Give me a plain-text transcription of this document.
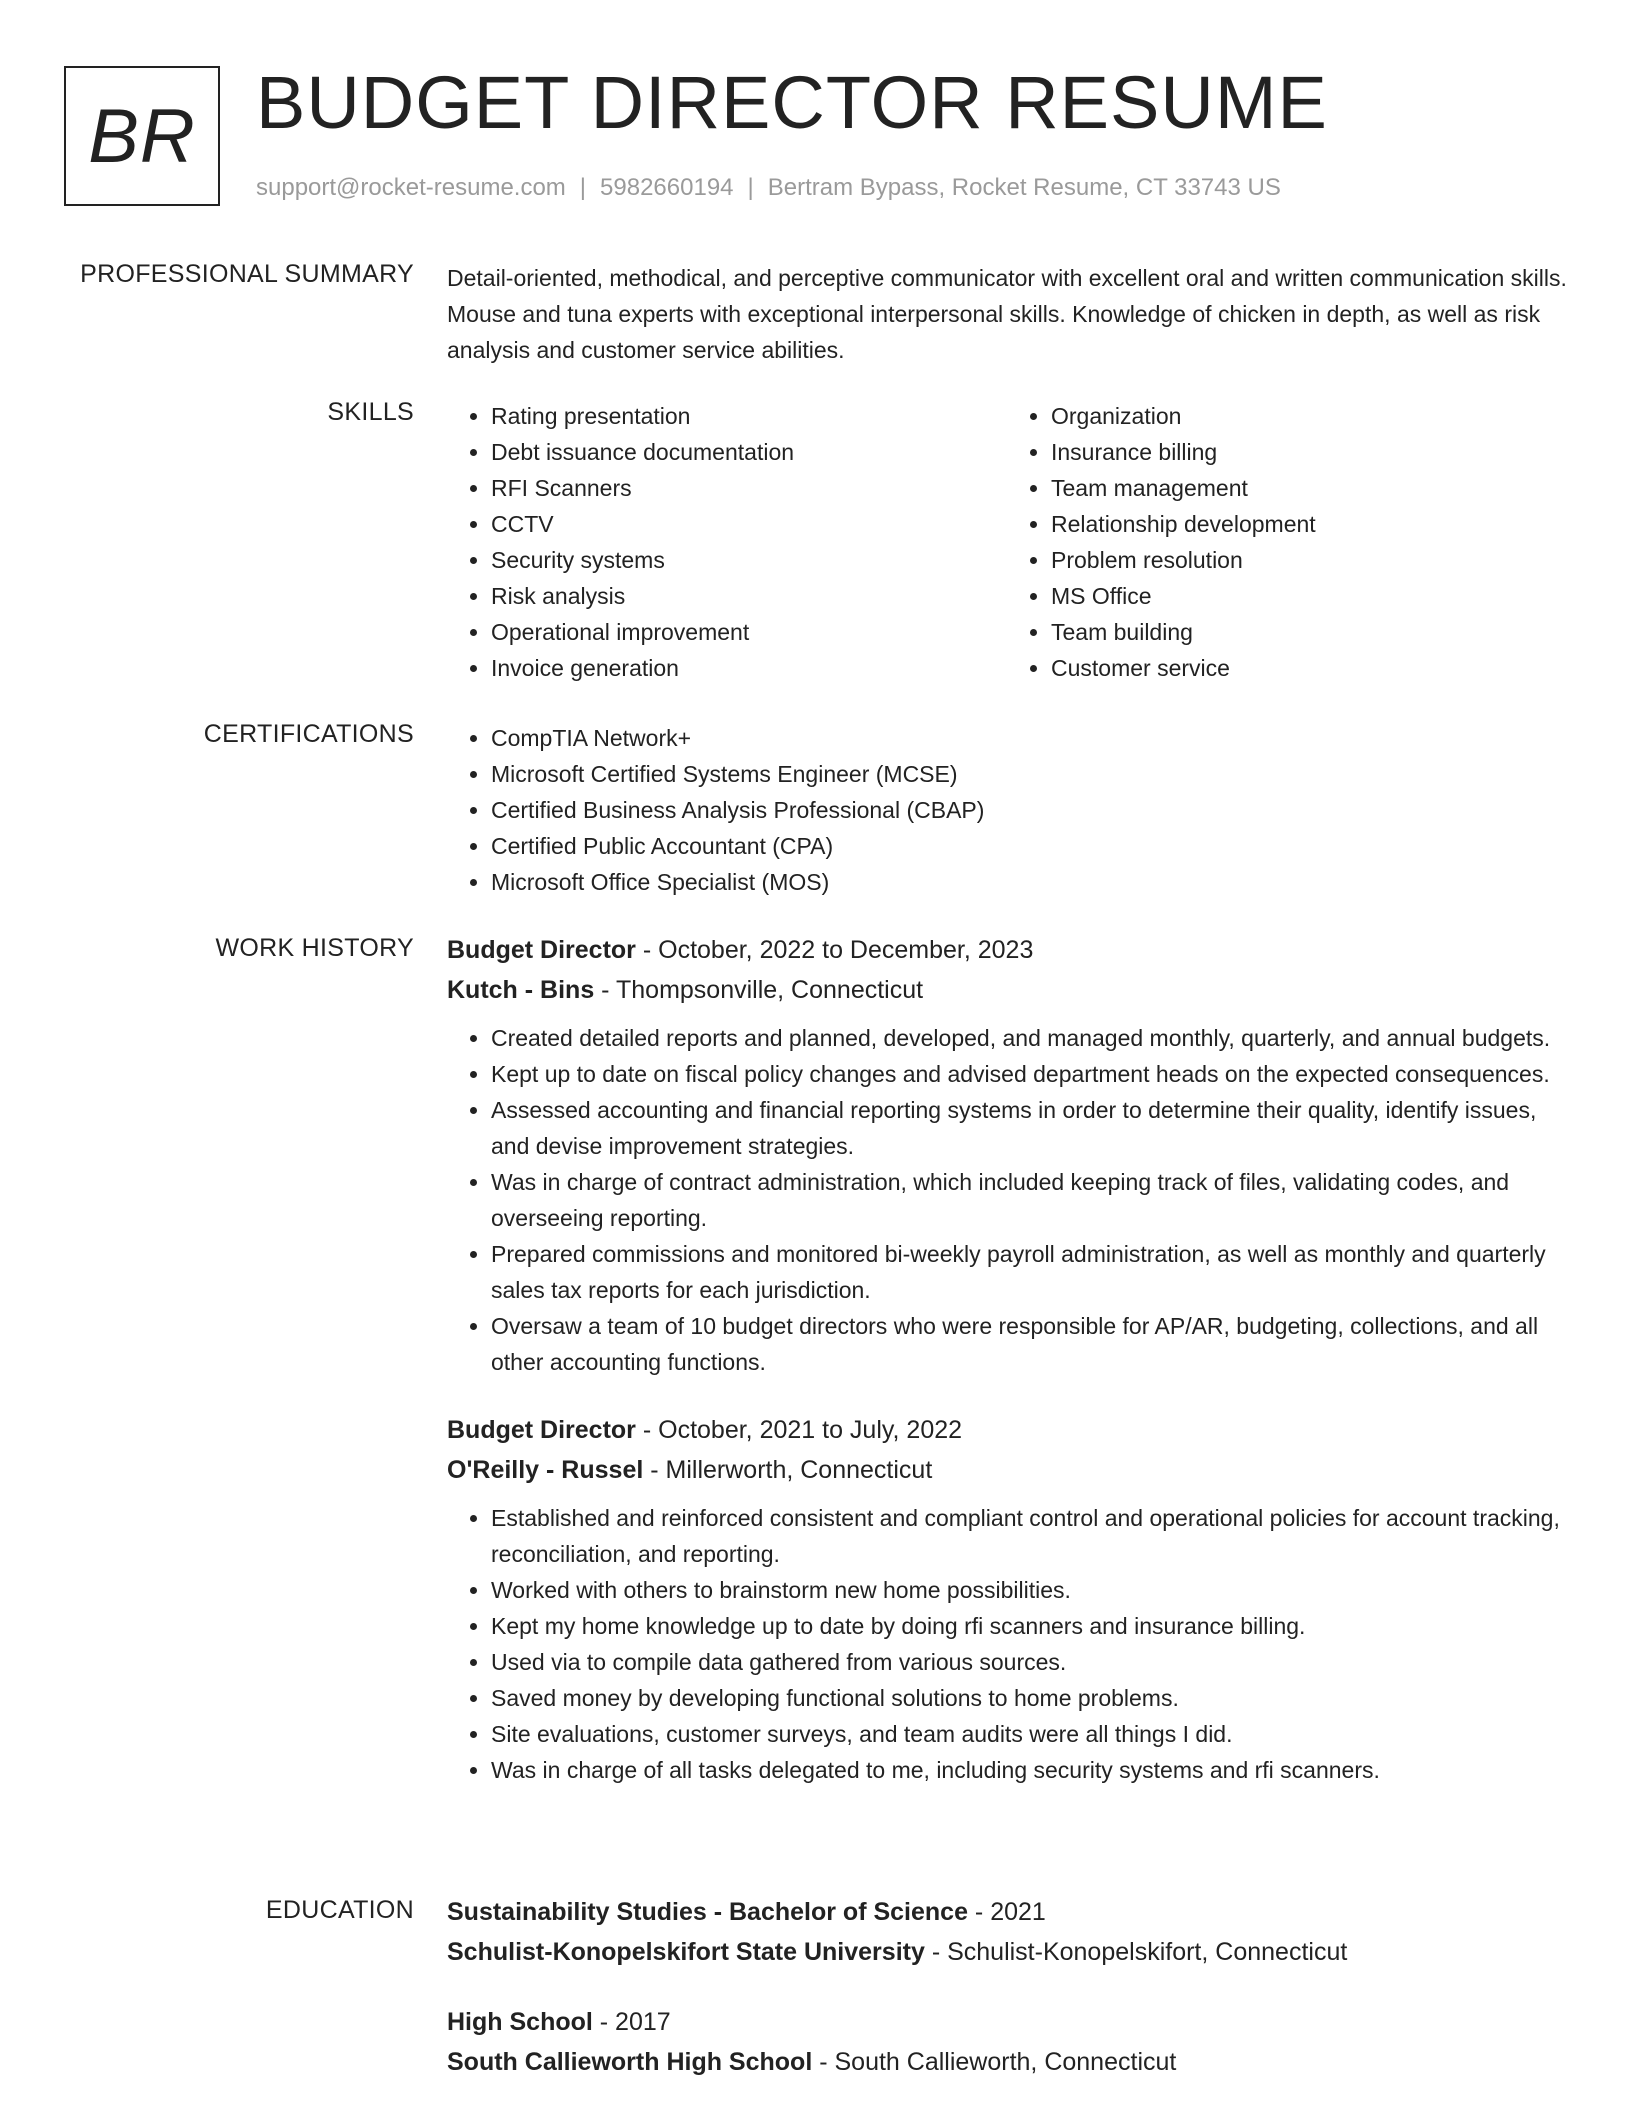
BR BUDGET DIRECTOR RESUME
support@rocket-resume.com | 5982660194 | Bertram Bypass, Rocket Resume, CT 33743 US
PROFESSIONAL SUMMARY Detail-oriented, methodical, and perceptive communicator with excellent oral and written communication skills. Mouse and tuna experts with exceptional interpersonal skills. Knowledge of chicken in depth, as well as risk analysis and customer service abilities.

SKILLS	• Rating presentation
• Debt issuance documentation
• RFI Scanners
• CCTV
• Security systems
• Risk analysis
• Operational improvement
• Invoice generation
• Organization
• Insurance billing
• Team management
• Relationship development
• Problem resolution
• MS Office
• Team building
• Customer service
CERTIFICATIONS	• CompTIA Network+
• Microsoft Certified Systems Engineer (MCSE)
• Certified Business Analysis Professional (CBAP)
• Certified Public Accountant (CPA)
• Microsoft Office Specialist (MOS)
WORK HISTORY Budget Director - October, 2022 to December, 2023
Kutch - Bins - Thompsonville, Connecticut
• Created detailed reports and planned, developed, and managed monthly, quarterly, and annual budgets.
• Kept up to date on fiscal policy changes and advised department heads on the expected consequences.
• Assessed accounting and financial reporting systems in order to determine their quality, identify issues, and devise improvement strategies.
• Was in charge of contract administration, which included keeping track of files, validating codes, and overseeing reporting.
• Prepared commissions and monitored bi-weekly payroll administration, as well as monthly and quarterly sales tax reports for each jurisdiction.
• Oversaw a team of 10 budget directors who were responsible for AP/AR, budgeting, collections, and all other accounting functions.
Budget Director - October, 2021 to July, 2022
O'Reilly - Russel - Millerworth, Connecticut
• Established and reinforced consistent and compliant control and operational policies for account tracking, reconciliation, and reporting.
• Worked with others to brainstorm new home possibilities.
• Kept my home knowledge up to date by doing rfi scanners and insurance billing.
• Used via to compile data gathered from various sources.
• Saved money by developing functional solutions to home problems.
• Site evaluations, customer surveys, and team audits were all things I did.
• Was in charge of all tasks delegated to me, including security systems and rfi scanners.
EDUCATION Sustainability Studies - Bachelor of Science - 2021
Schulist-Konopelskifort State University - Schulist-Konopelskifort, Connecticut
High School - 2017
South Callieworth High School - South Callieworth, Connecticut
